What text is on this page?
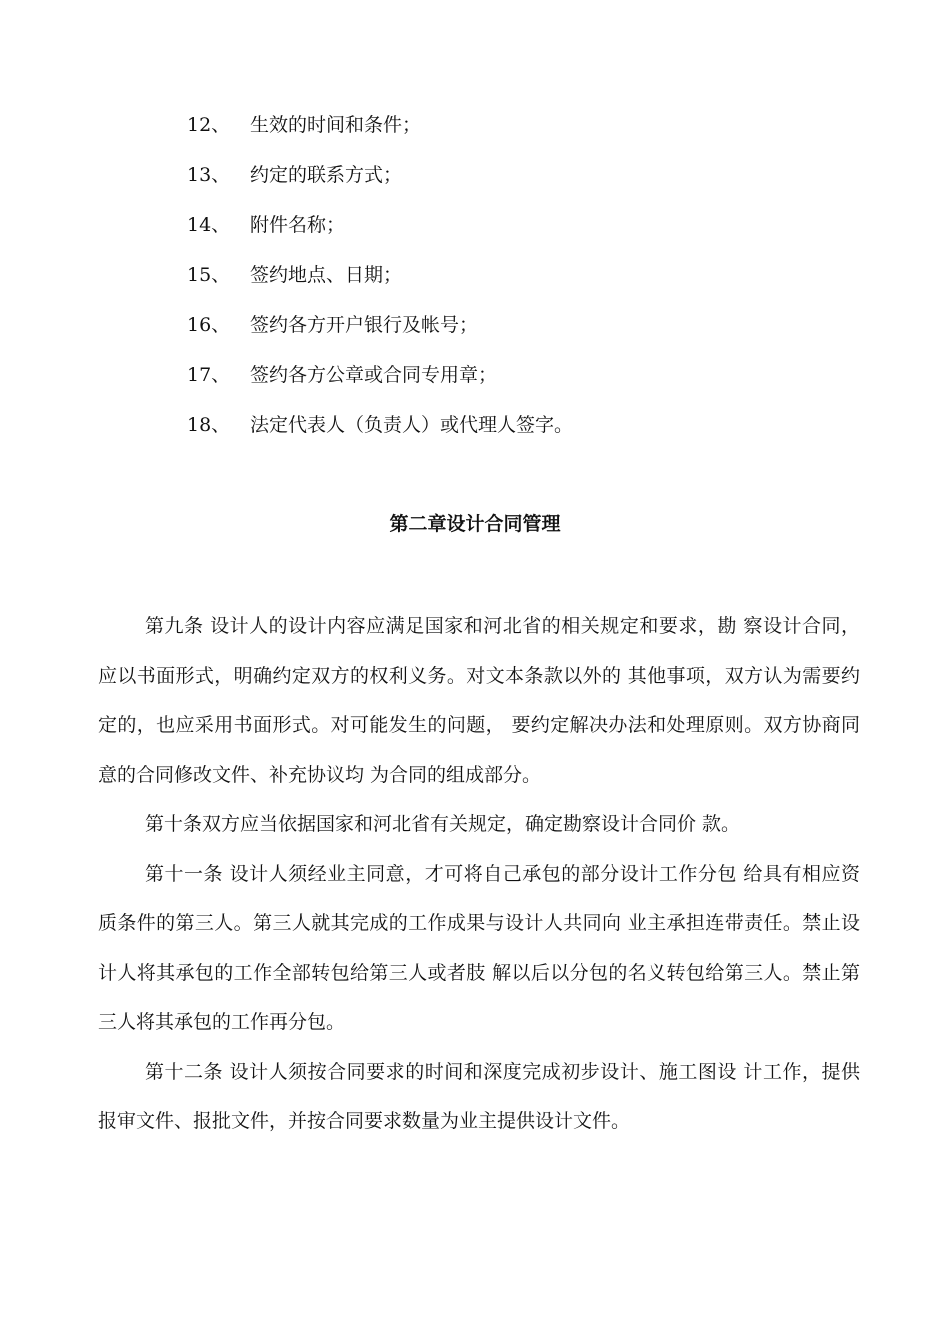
12、 生效的时间和条件；
13、 约定的联系方式；
14、 附件名称；
15、 签约地点、日期；
16、 签约各方开户银行及帐号；
17、 签约各方公章或合同专用章；
18、 法定代表人（负责人）或代理人签字。
第二章设计合同管理

第九条 设计人的设计内容应满足国家和河北省的相关规定和要求，勘 察设计合同，应以书面形式，明确约定双方的权利义务。对文本条款以外的 其他事项，双方认为需要约定的，也应采用书面形式。对可能发生的问题， 要约定解决办法和处理原则。双方协商同意的合同修改文件、补充协议均 为合同的组成部分。

第十条双方应当依据国家和河北省有关规定，确定勘察设计合同价 款。

第十一条 设计人须经业主同意，才可将自己承包的部分设计工作分包 给具有相应资质条件的第三人。第三人就其完成的工作成果与设计人共同向 业主承担连带责任。禁止设计人将其承包的工作全部转包给第三人或者肢 解以后以分包的名义转包给第三人。禁止第三人将其承包的工作再分包。

第十二条 设计人须按合同要求的时间和深度完成初步设计、施工图设 计工作，提供报审文件、报批文件，并按合同要求数量为业主提供设计文件。
